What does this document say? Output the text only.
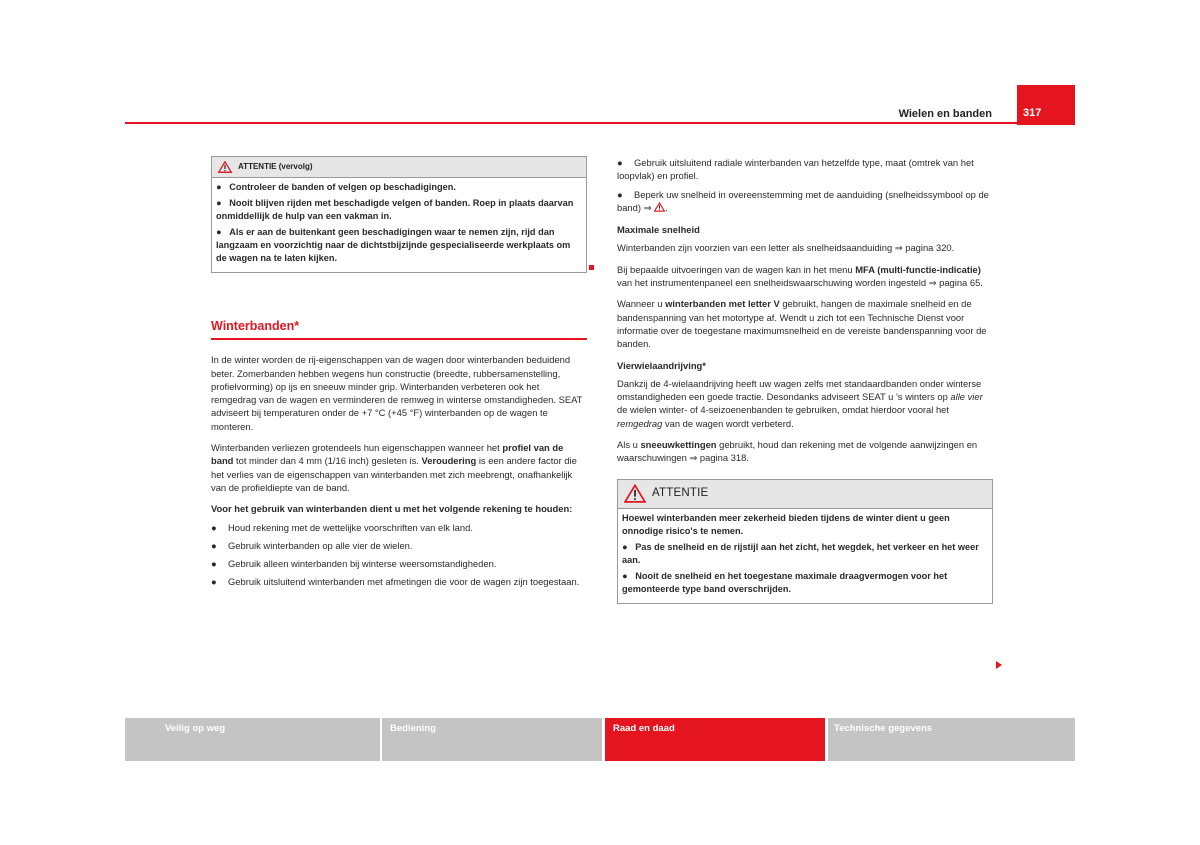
Wielen en banden	317
ATTENTIE (vervolg)

●   Controleer de banden of velgen op beschadigingen.

●   Nooit blijven rijden met beschadigde velgen of banden. Roep in plaats daarvan onmiddellijk de hulp van een vakman in.

●   Als er aan de buitenkant geen beschadigingen waar te nemen zijn, rijd dan langzaam en voorzichtig naar de dichtstbijzijnde gespecialiseerde werkplaats om de wagen na te laten kijken.

Winterbanden*

In de winter worden de rij-eigenschappen van de wagen door winterbanden beduidend beter. Zomerbanden hebben wegens hun constructie (breedte, rubbersamenstelling, profielvorming) op ijs en sneeuw minder grip. Winterbanden verbeteren ook het remgedrag van de wagen en verminderen de remweg in winterse omstandigheden. SEAT adviseert bij temperaturen onder de +7 °C (+45 °F) winterbanden op de wagen te monteren.

Winterbanden verliezen grotendeels hun eigenschappen wanneer het profiel van de band tot minder dan 4 mm (1/16 inch) gesleten is. Veroudering is een andere factor die het verlies van de eigenschappen van winterbanden met zich meebrengt, onafhankelijk van de profieldiepte van de band.

Voor het gebruik van winterbanden dient u met het volgende rekening te houden:

● Houd rekening met de wettelijke voorschriften van elk land.

● Gebruik winterbanden op alle vier de wielen.

● Gebruik alleen winterbanden bij winterse weersomstandigheden.

● Gebruik uitsluitend winterbanden met afmetingen die voor de wagen zijn toegestaan.

● Gebruik uitsluitend radiale winterbanden van hetzelfde type, maat (omtrek van het loopvlak) en profiel.

● Beperk uw snelheid in overeenstemming met de aanduiding (snelheidssymbool op de band) ⇒ .

Maximale snelheid

Winterbanden zijn voorzien van een letter als snelheidsaanduiding ⇒ pagina 320.

Bij bepaalde uitvoeringen van de wagen kan in het menu MFA (multi-functie-indicatie) van het instrumentenpaneel een snelheidswaarschuwing worden ingesteld ⇒ pagina 65.

Wanneer u winterbanden met letter V gebruikt, hangen de maximale snelheid en de bandenspanning van het motortype af. Wendt u zich tot een Technische Dienst voor informatie over de toegestane maximumsnelheid en de vereiste bandenspanning voor de banden.

Vierwielaandrijving*

Dankzij de 4-wielaandrijving heeft uw wagen zelfs met standaardbanden onder winterse omstandigheden een goede tractie. Desondanks adviseert SEAT u 's winters op alle vier de wielen winter- of 4-seizoenenbanden te gebruiken, omdat hierdoor vooral het remgedrag van de wagen wordt verbeterd.

Als u sneeuwkettingen gebruikt, houd dan rekening met de volgende aanwijzingen en waarschuwingen ⇒ pagina 318.

ATTENTIE

Hoewel winterbanden meer zekerheid bieden tijdens de winter dient u geen onnodige risico's te nemen.

●   Pas de snelheid en de rijstijl aan het zicht, het wegdek, het verkeer en het weer aan.

●   Nooit de snelheid en het toegestane maximale draagvermogen voor het gemonteerde type band overschrijden.

Veilig op weg	Bediening	Raad en daad	Technische gegevens
